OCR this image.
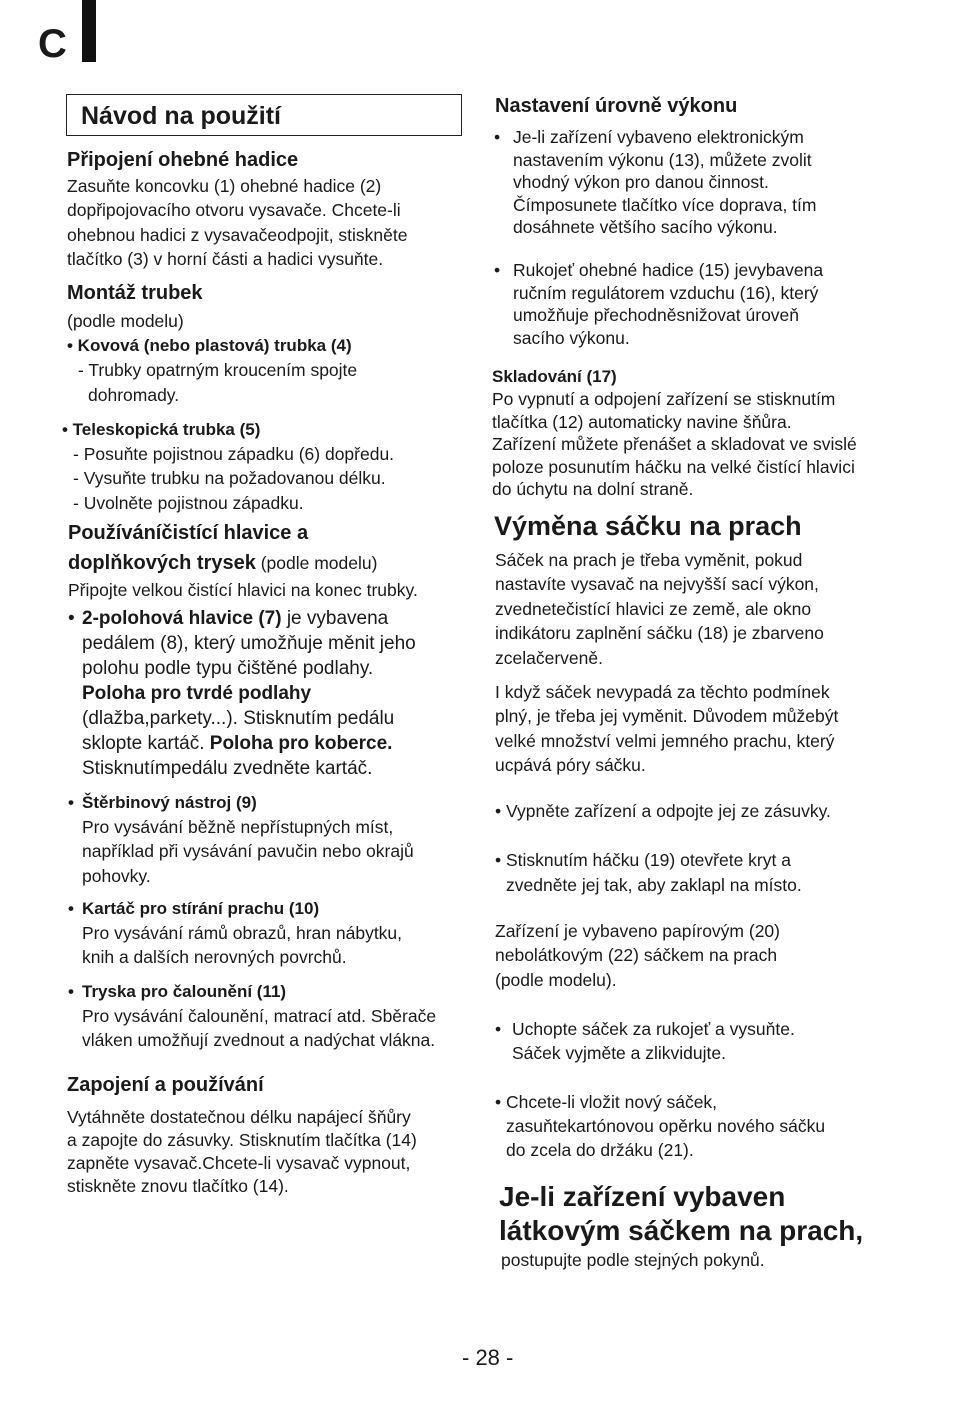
C
Návod na použití
Připojení ohebné hadice
Zasuňte koncovku (1) ohebné hadice (2)
dopřipojovacího otvoru vysavače. Chcete-li
ohebnou hadici z vysavačeodpojit, stiskněte
tlačítko (3) v horní části a hadici vysuňte.
Montáž trubek
(podle modelu)
• Kovová (nebo plastová) trubka (4)
- Trubky opatrným kroucením spojte
dohromady.
• Teleskopická trubka (5)
- Posuňte pojistnou západku (6) dopředu.
- Vysuňte trubku na požadovanou délku.
- Uvolněte pojistnou západku.
Používáníčistící hlavice a
doplňkových trysek (podle modelu)
Připojte velkou čistící hlavici na konec trubky.
• 2-polohová hlavice (7) je vybavena
pedálem (8), který umožňuje měnit jeho
polohu podle typu čištěné podlahy.
Poloha pro tvrdé podlahy
(dlažba,parkety...). Stisknutím pedálu
sklopte kartáč. Poloha pro koberce.
Stisknutímpedálu zvedněte kartáč.
• Štěrbinový nástroj (9)
Pro vysávání běžně nepřístupných míst,
například při vysávání pavučin nebo okrajů
pohovky.
• Kartáč pro stírání prachu (10)
Pro vysávání rámů obrazů, hran nábytku,
knih a dalších nerovných povrchů.
• Tryska pro čalounění (11)
Pro vysávání čalounění, matrací atd. Sběrače
vláken umožňují zvednout a nadýchat vlákna.
Zapojení a používání
Vytáhněte dostatečnou délku napájecí šňůry
a zapojte do zásuvky. Stisknutím tlačítka (14)
zapněte vysavač.Chcete-li vysavač vypnout,
stiskněte znovu tlačítko (14).
Nastavení úrovně výkonu
• Je-li zařízení vybaveno elektronickým
nastavením výkonu (13), můžete zvolit
vhodný výkon pro danou činnost.
Čímposunete tlačítko více doprava, tím
dosáhnete většího sacího výkonu.
• Rukojeť ohebné hadice (15) jevybavena
ručním regulátorem vzduchu (16), který
umožňuje přechodněsnižovat úroveň
sacího výkonu.
Skladování (17)
Po vypnutí a odpojení zařízení se stisknutím
tlačítka (12) automaticky navine šňůra.
Zařízení můžete přenášet a skladovat ve svislé
poloze posunutím háčku na velké čistící hlavici
do úchytu na dolní straně.
Výměna sáčku na prach
Sáček na prach je třeba vyměnit, pokud
nastavíte vysavač na nejvyšší sací výkon,
zvednetečistící hlavici ze země, ale okno
indikátoru zaplnění sáčku (18) je zbarveno
zcelačerveně.
I když sáček nevypadá za těchto podmínek
plný, je třeba jej vyměnit. Důvodem můžebýt
velké množství velmi jemného prachu, který
ucpává póry sáčku.
• Vypněte zařízení a odpojte jej ze zásuvky.
• Stisknutím háčku (19) otevřete kryt a
zvedněte jej tak, aby zaklapl na místo.
Zařízení je vybaveno papírovým (20)
nebolátkovým (22) sáčkem na prach
(podle modelu).
• Uchopte sáček za rukojeť a vysuňte.
Sáček vyjměte a zlikvidujte.
• Chcete-li vložit nový sáček,
zasuňtekartónovou opěrku nového sáčku
do zcela do držáku (21).
Je-li zařízení vybaven
látkovým sáčkem na prach,
postupujte podle stejných pokynů.
- 28 -
